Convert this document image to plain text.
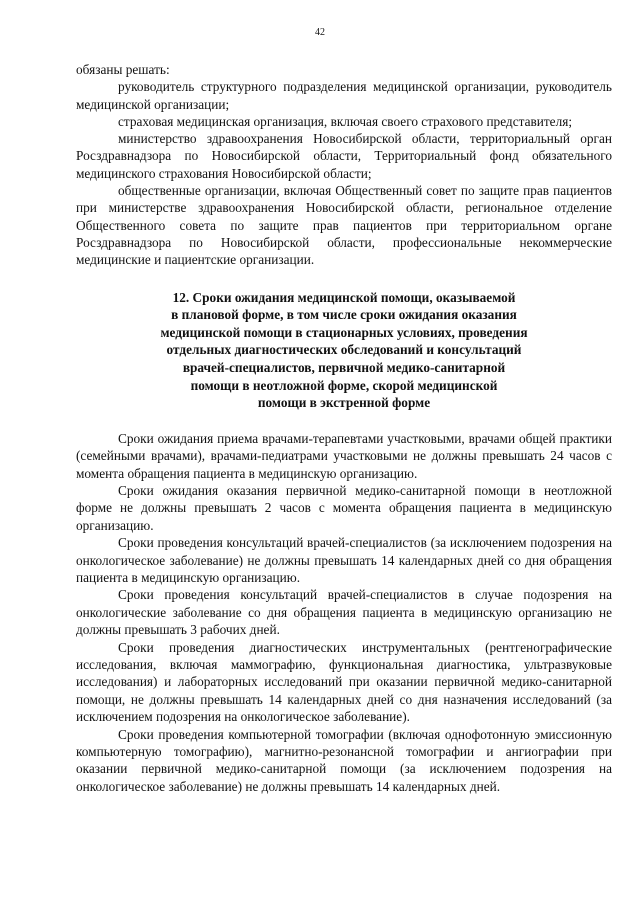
42

обязаны решать:

руководитель структурного подразделения медицинской организации, руководитель медицинской организации;

страховая медицинская организация, включая своего страхового представителя;

министерство здравоохранения Новосибирской области, территориальный орган Росздравнадзора по Новосибирской области, Территориальный фонд обязательного медицинского страхования Новосибирской области;

общественные организации, включая Общественный совет по защите прав пациентов при министерстве здравоохранения Новосибирской области, региональное отделение Общественного совета по защите прав пациентов при территориальном органе Росздравнадзора по Новосибирской области, профессиональные некоммерческие медицинские и пациентские организации.

12. Сроки ожидания медицинской помощи, оказываемой
в плановой форме, в том числе сроки ожидания оказания
медицинской помощи в стационарных условиях, проведения
отдельных диагностических обследований и консультаций
врачей-специалистов, первичной медико-санитарной
помощи в неотложной форме, скорой медицинской
помощи в экстренной форме

Сроки ожидания приема врачами-терапевтами участковыми, врачами общей практики (семейными врачами), врачами-педиатрами участковыми не должны превышать 24 часов с момента обращения пациента в медицинскую организацию.

Сроки ожидания оказания первичной медико-санитарной помощи в неотложной форме не должны превышать 2 часов с момента обращения пациента в медицинскую организацию.

Сроки проведения консультаций врачей-специалистов (за исключением подозрения на онкологическое заболевание) не должны превышать 14 календарных дней со дня обращения пациента в медицинскую организацию.

Сроки проведения консультаций врачей-специалистов в случае подозрения на онкологические заболевание со дня обращения пациента в медицинскую организацию не должны превышать 3 рабочих дней.

Сроки проведения диагностических инструментальных (рентгенографические исследования, включая маммографию, функциональная диагностика, ультразвуковые исследования) и лабораторных исследований при оказании первичной медико-санитарной помощи, не должны превышать 14 календарных дней со дня назначения исследований (за исключением подозрения на онкологическое заболевание).

Сроки проведения компьютерной томографии (включая однофотонную эмиссионную компьютерную томографию), магнитно-резонансной томографии и ангиографии при оказании первичной медико-санитарной помощи (за исключением подозрения на онкологическое заболевание) не должны превышать 14 календарных дней.
